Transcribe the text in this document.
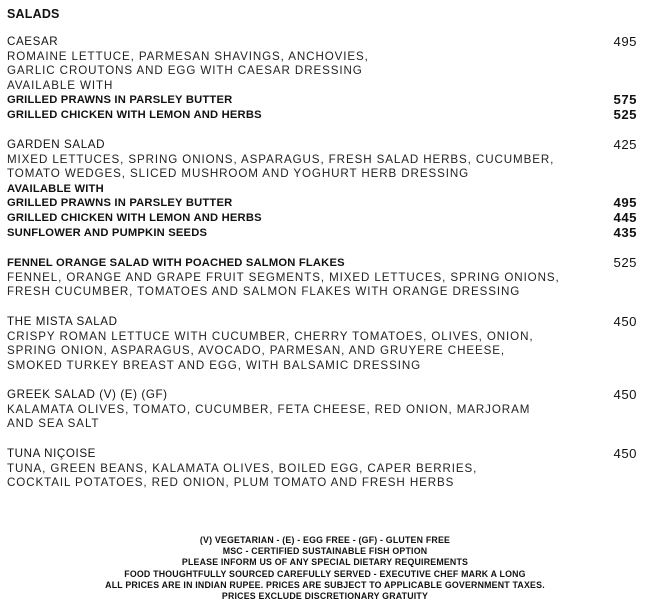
SALADS
CAESAR	495
ROMAINE LETTUCE, PARMESAN SHAVINGS, ANCHOVIES,
GARLIC CROUTONS AND EGG WITH CAESAR DRESSING
AVAILABLE WITH
GRILLED PRAWNS IN PARSLEY BUTTER	575
GRILLED CHICKEN WITH LEMON AND HERBS	525
GARDEN SALAD	425
MIXED LETTUCES, SPRING ONIONS, ASPARAGUS, FRESH SALAD HERBS, CUCUMBER,
TOMATO WEDGES, SLICED MUSHROOM AND YOGHURT HERB DRESSING
AVAILABLE WITH
GRILLED PRAWNS IN PARSLEY BUTTER	495
GRILLED CHICKEN WITH LEMON AND HERBS	445
SUNFLOWER AND PUMPKIN SEEDS	435
FENNEL ORANGE SALAD WITH POACHED SALMON FLAKES	525
FENNEL, ORANGE AND GRAPE FRUIT SEGMENTS, MIXED LETTUCES, SPRING ONIONS,
FRESH CUCUMBER, TOMATOES AND SALMON FLAKES WITH ORANGE DRESSING
THE MISTA SALAD	450
CRISPY ROMAN LETTUCE WITH CUCUMBER, CHERRY TOMATOES, OLIVES, ONION,
SPRING ONION, ASPARAGUS, AVOCADO, PARMESAN, AND GRUYERE CHEESE,
SMOKED TURKEY BREAST AND EGG, WITH BALSAMIC DRESSING
GREEK SALAD (V) (E) (GF)	450
KALAMATA OLIVES, TOMATO, CUCUMBER, FETA CHEESE, RED ONION, MARJORAM
AND SEA SALT
TUNA NIÇOISE	450
TUNA, GREEN BEANS, KALAMATA OLIVES, BOILED EGG, CAPER BERRIES,
COCKTAIL POTATOES, RED ONION, PLUM TOMATO AND FRESH HERBS
(V) VEGETARIAN - (E) - EGG FREE - (GF) - GLUTEN FREE
MSC - CERTIFIED SUSTAINABLE FISH OPTION
PLEASE INFORM US OF ANY SPECIAL DIETARY REQUIREMENTS
FOOD THOUGHTFULLY SOURCED CAREFULLY SERVED - EXECUTIVE CHEF MARK A LONG
ALL PRICES ARE IN INDIAN RUPEE. PRICES ARE SUBJECT TO APPLICABLE GOVERNMENT TAXES.
PRICES EXCLUDE DISCRETIONARY GRATUITY
